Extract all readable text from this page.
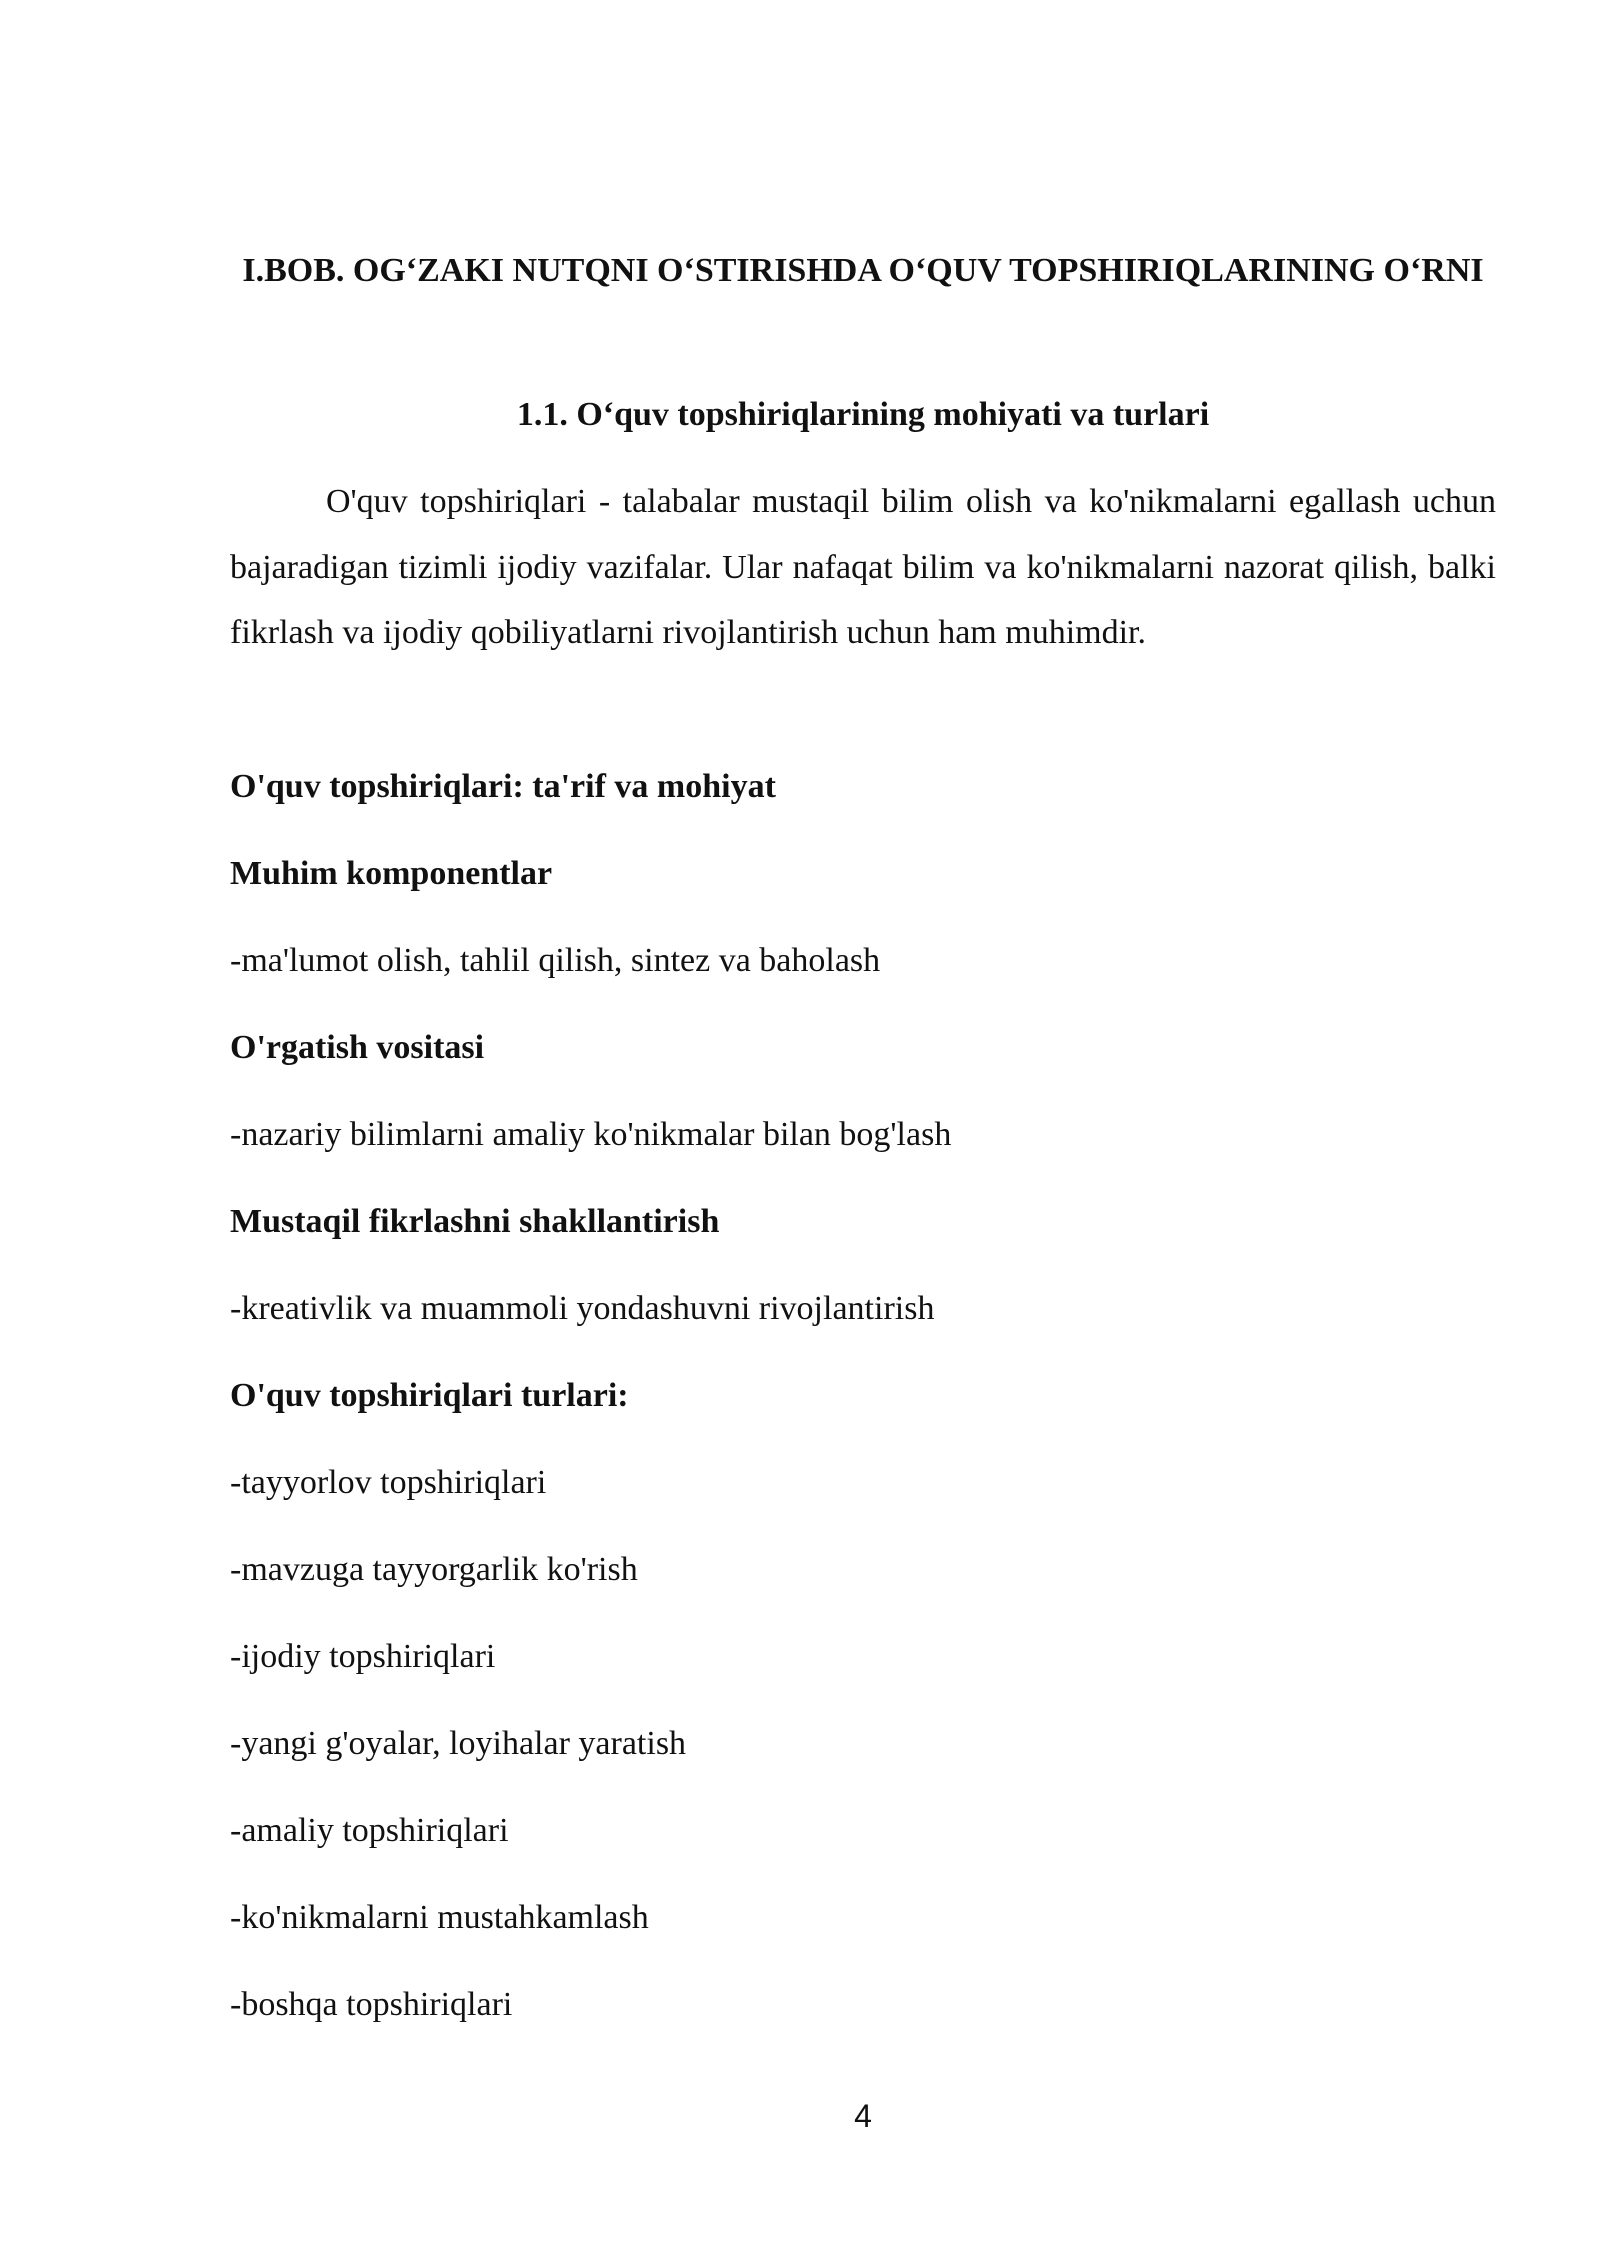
I.BOB. OG‘ZAKI NUTQNI O‘STIRISHDA O‘QUV TOPSHIRIQLARINING O‘RNI
1.1. O‘quv topshiriqlarining mohiyati va turlari

O'quv topshiriqlari - talabalar mustaqil bilim olish va ko'nikmalarni egallash uchun bajaradigan tizimli ijodiy vazifalar. Ular nafaqat bilim va ko'nikmalarni nazorat qilish, balki fikrlash va ijodiy qobiliyatlarni rivojlantirish uchun ham muhimdir.

O'quv topshiriqlari: ta'rif va mohiyat
Muhim komponentlar
-ma'lumot olish, tahlil qilish, sintez va baholash
O'rgatish vositasi
-nazariy bilimlarni amaliy ko'nikmalar bilan bog'lash
Mustaqil fikrlashni shakllantirish
-kreativlik va muammoli yondashuvni rivojlantirish
O'quv topshiriqlari turlari:
-tayyorlov topshiriqlari
-mavzuga tayyorgarlik ko'rish
-ijodiy topshiriqlari
-yangi g'oyalar, loyihalar yaratish
-amaliy topshiriqlari
-ko'nikmalarni mustahkamlash
-boshqa topshiriqlari
4
